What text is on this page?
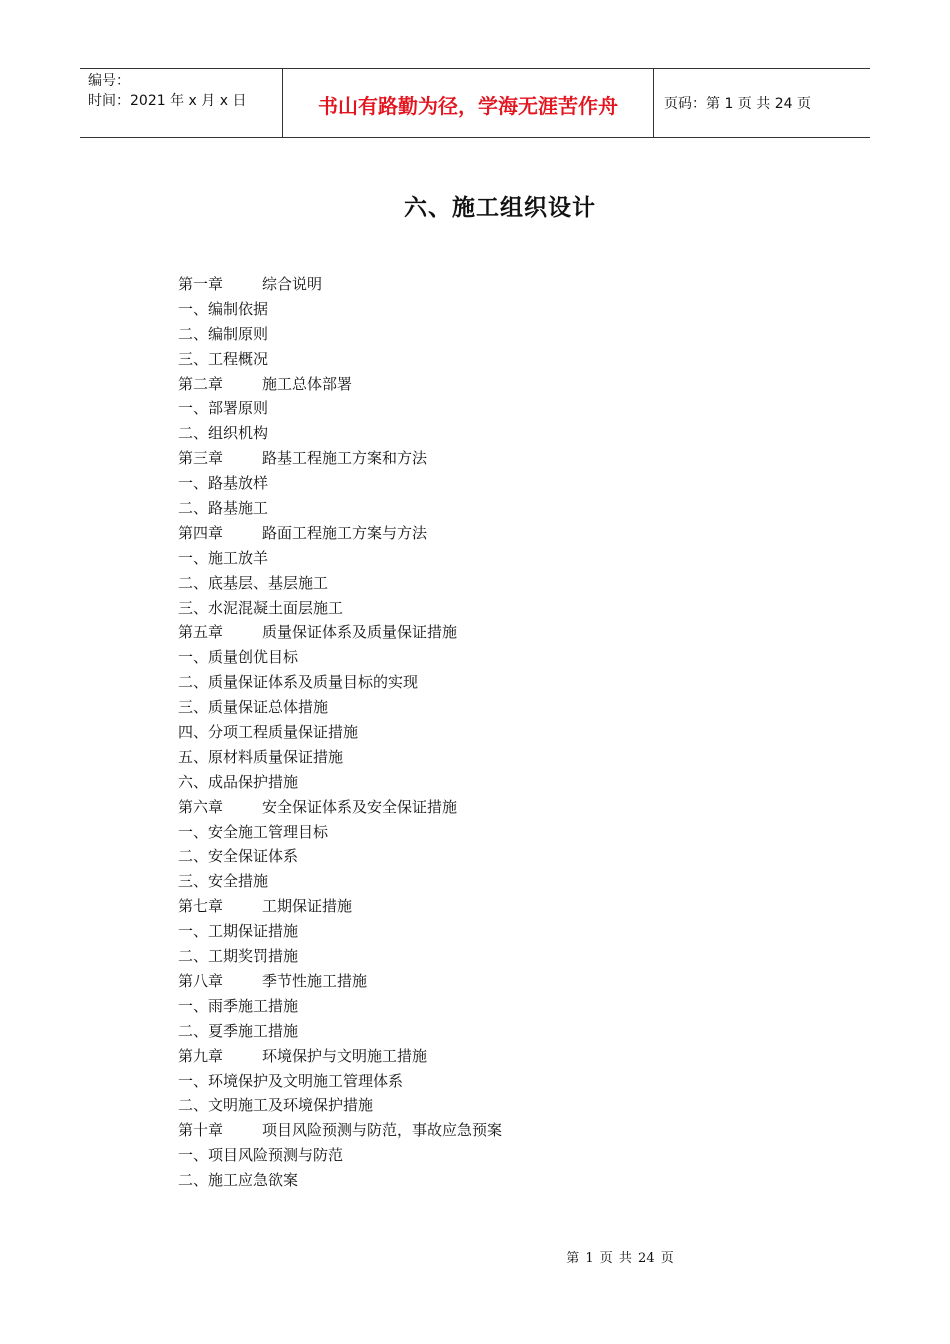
编号：
时间：2021 年 x 月 x 日	书山有路勤为径，学海无涯苦作舟	页码：第 1 页 共 24 页
六、施工组织设计
第一章	综合说明
一、编制依据
二、编制原则
三、工程概况
第二章	施工总体部署
一、部署原则
二、组织机构
第三章	路基工程施工方案和方法
一、路基放样
二、路基施工
第四章	路面工程施工方案与方法
一、施工放羊
二、底基层、基层施工
三、水泥混凝土面层施工
第五章	质量保证体系及质量保证措施
一、质量创优目标
二、质量保证体系及质量目标的实现
三、质量保证总体措施
四、分项工程质量保证措施
五、原材料质量保证措施
六、成品保护措施
第六章	安全保证体系及安全保证措施
一、安全施工管理目标
二、安全保证体系
三、安全措施
第七章	工期保证措施
一、工期保证措施
二、工期奖罚措施
第八章	季节性施工措施
一、雨季施工措施
二、夏季施工措施
第九章	环境保护与文明施工措施
一、环境保护及文明施工管理体系
二、文明施工及环境保护措施
第十章	项目风险预测与防范，事故应急预案
一、项目风险预测与防范
二、施工应急欲案
第 1 页 共 24 页
